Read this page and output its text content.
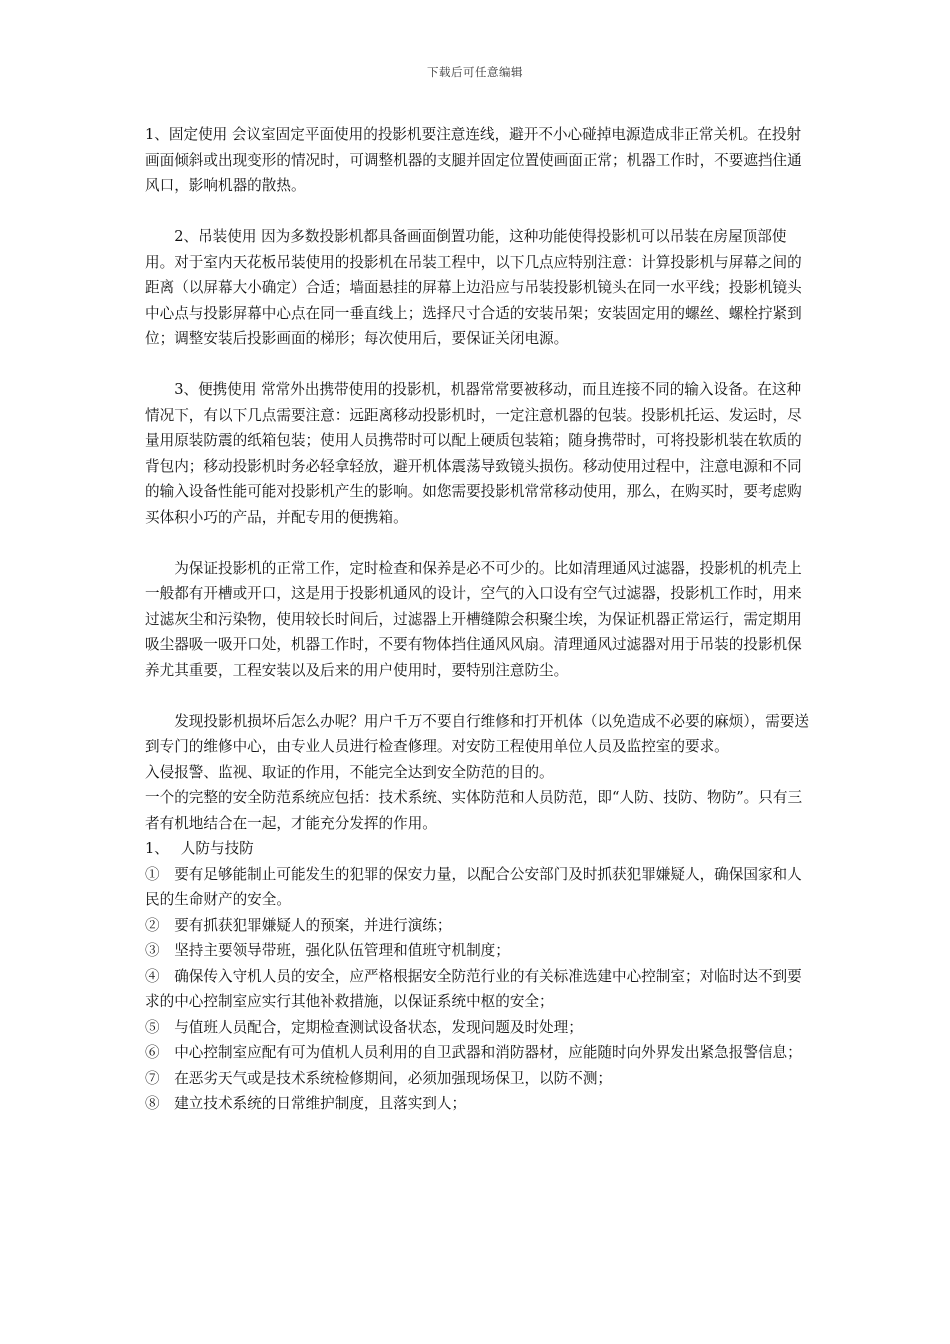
下载后可任意编辑

1、固定使用 会议室固定平面使用的投影机要注意连线，避开不小心碰掉电源造成非正常关机。在投射画面倾斜或出现变形的情况时，可调整机器的支腿并固定位置使画面正常；机器工作时，不要遮挡住通风口，影响机器的散热。

2、吊装使用 因为多数投影机都具备画面倒置功能，这种功能使得投影机可以吊装在房屋顶部使用。对于室内天花板吊装使用的投影机在吊装工程中，以下几点应特别注意：计算投影机与屏幕之间的距离（以屏幕大小确定）合适；墙面悬挂的屏幕上边沿应与吊装投影机镜头在同一水平线；投影机镜头中心点与投影屏幕中心点在同一垂直线上；选择尺寸合适的安装吊架；安装固定用的螺丝、螺栓拧紧到位；调整安装后投影画面的梯形；每次使用后，要保证关闭电源。

3、便携使用 常常外出携带使用的投影机，机器常常要被移动，而且连接不同的输入设备。在这种情况下，有以下几点需要注意：远距离移动投影机时，一定注意机器的包装。投影机托运、发运时，尽量用原装防震的纸箱包装；使用人员携带时可以配上硬质包装箱；随身携带时，可将投影机装在软质的背包内；移动投影机时务必轻拿轻放，避开机体震荡导致镜头损伤。移动使用过程中，注意电源和不同的输入设备性能可能对投影机产生的影响。如您需要投影机常常移动使用，那么，在购买时，要考虑购买体积小巧的产品，并配专用的便携箱。

为保证投影机的正常工作，定时检查和保养是必不可少的。比如清理通风过滤器，投影机的机壳上一般都有开槽或开口，这是用于投影机通风的设计，空气的入口设有空气过滤器，投影机工作时，用来过滤灰尘和污染物，使用较长时间后，过滤器上开槽缝隙会积聚尘埃，为保证机器正常运行，需定期用吸尘器吸一吸开口处，机器工作时，不要有物体挡住通风风扇。清理通风过滤器对用于吊装的投影机保养尤其重要，工程安装以及后来的用户使用时，要特别注意防尘。

发现投影机损坏后怎么办呢？用户千万不要自行维修和打开机体（以免造成不必要的麻烦），需要送到专门的维修中心，由专业人员进行检查修理。对安防工程使用单位人员及监控室的要求。

入侵报警、监视、取证的作用，不能完全达到安全防范的目的。

一个的完整的安全防范系统应包括：技术系统、实体防范和人员防范，即“人防、技防、物防”。只有三者有机地结合在一起，才能充分发挥的作用。

1、　 人防与技防

①　要有足够能制止可能发生的犯罪的保安力量，以配合公安部门及时抓获犯罪嫌疑人，确保国家和人民的生命财产的安全。

②　要有抓获犯罪嫌疑人的预案，并进行演练；

③　坚持主要领导带班，强化队伍管理和值班守机制度；

④　确保传入守机人员的安全，应严格根据安全防范行业的有关标准选建中心控制室；对临时达不到要求的中心控制室应实行其他补救措施，以保证系统中枢的安全；

⑤　与值班人员配合，定期检查测试设备状态，发现问题及时处理；

⑥　中心控制室应配有可为值机人员利用的自卫武器和消防器材，应能随时向外界发出紧急报警信息；

⑦　在恶劣天气或是技术系统检修期间，必须加强现场保卫，以防不测；

⑧　建立技术系统的日常维护制度，且落实到人；
